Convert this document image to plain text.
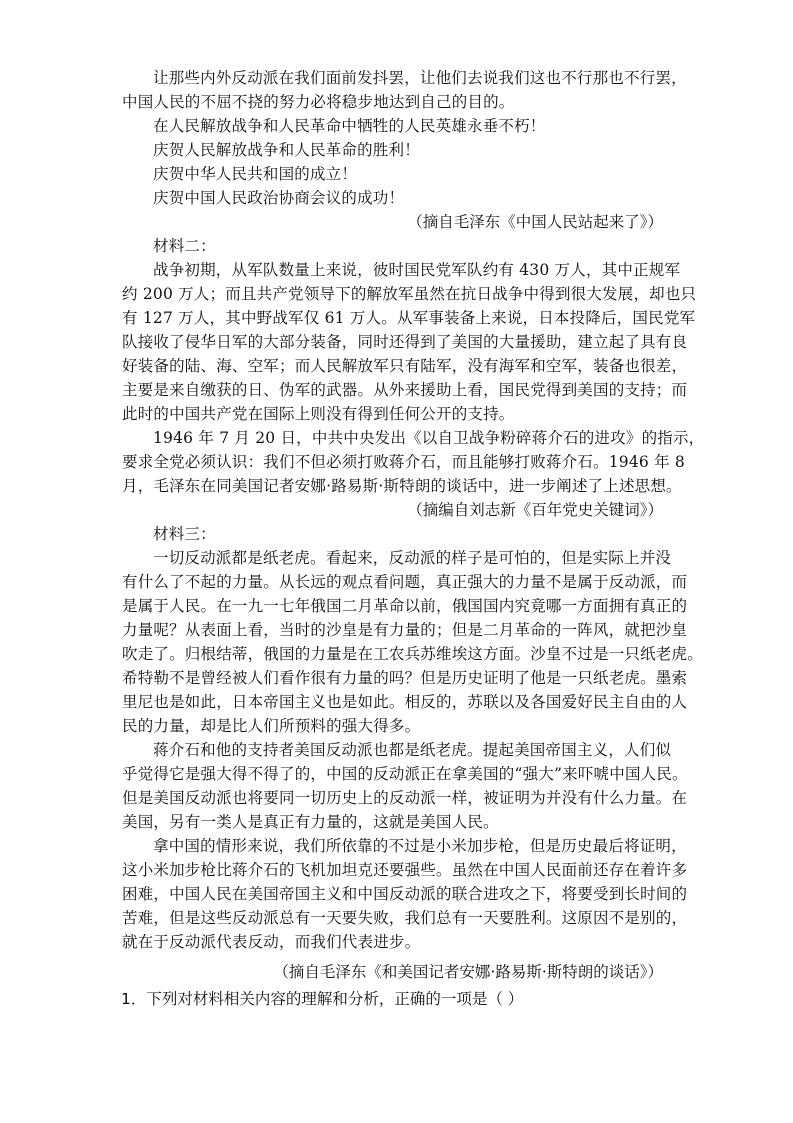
让那些内外反动派在我们面前发抖罢，让他们去说我们这也不行那也不行罢，
中国人民的不屈不挠的努力必将稳步地达到自己的目的。
在人民解放战争和人民革命中牺牲的人民英雄永垂不朽！
庆贺人民解放战争和人民革命的胜利！
庆贺中华人民共和国的成立！
庆贺中国人民政治协商会议的成功！
（摘自毛泽东《中国人民站起来了》）
材料二：
战争初期，从军队数量上来说，彼时国民党军队约有 430 万人，其中正规军
约 200 万人；而且共产党领导下的解放军虽然在抗日战争中得到很大发展，却也只
有 127 万人，其中野战军仅 61 万人。从军事装备上来说，日本投降后，国民党军
队接收了侵华日军的大部分装备，同时还得到了美国的大量援助，建立起了具有良
好装备的陆、海、空军；而人民解放军只有陆军，没有海军和空军，装备也很差，
主要是来自缴获的日、伪军的武器。从外来援助上看，国民党得到美国的支持；而
此时的中国共产党在国际上则没有得到任何公开的支持。
1946 年 7 月 20 日，中共中央发出《以自卫战争粉碎蒋介石的进攻》的指示，
要求全党必须认识：我们不但必须打败蒋介石，而且能够打败蒋介石。1946 年 8
月，毛泽东在同美国记者安娜·路易斯·斯特朗的谈话中，进一步阐述了上述思想。
（摘编自刘志新《百年党史关键词》）
材料三：
一切反动派都是纸老虎。看起来，反动派的样子是可怕的，但是实际上并没
有什么了不起的力量。从长远的观点看问题，真正强大的力量不是属于反动派，而
是属于人民。在一九一七年俄国二月革命以前，俄国国内究竟哪一方面拥有真正的
力量呢？从表面上看，当时的沙皇是有力量的；但是二月革命的一阵风，就把沙皇
吹走了。归根结蒂，俄国的力量是在工农兵苏维埃这方面。沙皇不过是一只纸老虎。
希特勒不是曾经被人们看作很有力量的吗？但是历史证明了他是一只纸老虎。墨索
里尼也是如此，日本帝国主义也是如此。相反的，苏联以及各国爱好民主自由的人
民的力量，却是比人们所预料的强大得多。
蒋介石和他的支持者美国反动派也都是纸老虎。提起美国帝国主义，人们似
乎觉得它是强大得不得了的，中国的反动派正在拿美国的“强大”来吓唬中国人民。
但是美国反动派也将要同一切历史上的反动派一样，被证明为并没有什么力量。在
美国，另有一类人是真正有力量的，这就是美国人民。
拿中国的情形来说，我们所依靠的不过是小米加步枪，但是历史最后将证明，
这小米加步枪比蒋介石的飞机加坦克还要强些。虽然在中国人民面前还存在着许多
困难，中国人民在美国帝国主义和中国反动派的联合进攻之下，将要受到长时间的
苦难，但是这些反动派总有一天要失败，我们总有一天要胜利。这原因不是别的，
就在于反动派代表反动，而我们代表进步。
（摘自毛泽东《和美国记者安娜·路易斯·斯特朗的谈话》）
1．下列对材料相关内容的理解和分析，正确的一项是（ ）
